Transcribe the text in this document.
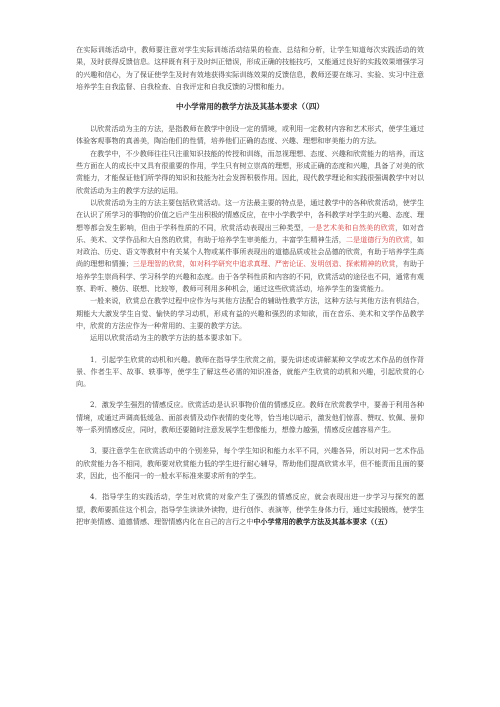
在实际训练活动中，教师要注意对学生实际训练活动结果的检查、总结和分析，让学生知道每次实践活动的效果，及时获得反馈信息。这样既有利于及时纠正错误，形成正确的技能技巧，又能通过良好的实践效果增强学习的兴趣和信心，为了保证使学生及时有效地获得实际训练效果的反馈信息，教师还要在练习、实验、实习中注意培养学生自我监督、自我检查、自我评定和自我反馈的习惯和能力。

中小学常用的教学方法及其基本要求（（四）

以欣赏活动为主的方法，是指教师在教学中创设一定的情境，或利用一定教材内容和艺术形式，使学生通过体验客观事物的真善美，陶冶他们的性情，培养他们正确的态度、兴趣、理想和审美能力的方法。

在教学中，不少教师往往只注重知识技能的传授和训练，而忽视理想、态度、兴趣和欣赏能力的培养，而这些方面在人的成长中又具有很重要的作用，学生只有树立崇高的理想，形成正确的态度和兴趣，具备了对美的欣赏能力，才能保证他们所学得的知识和技能为社会发挥积极作用。因此，现代教学理论和实践很强调教学中对以欣赏活动为主的教学方法的运用。

以欣赏活动为主的方法主要包括欣赏活动。这一方法最主要的特点是，通过教学中的各种欣赏活动，使学生在认识了所学习的事物的价值之后产生出积极的情感反应，在中小学教学中，各科教学对学生的兴趣、态度、理想等都会发生影响，但由于学科性质的不同，欣赏活动表现出三种类型，一是艺术美和自然美的欣赏，如对音乐、美术、文学作品和大自然的欣赏，有助于培养学生审美能力，丰富学生精神生活，二是道德行为的欣赏，如对政治、历史、语文等教材中有关某个人物或某件事所表现出的道德品质或社会品德的欣赏，有助于培养学生高尚的理想和情操；三是理智的欣赏，如对科学研究中追求真理、严密论证、发明创造、探索精神的欣赏，有助于培养学生崇尚科学、学习科学的兴趣和态度。由于各学科性质和内容的不同，欣赏活动的途径也不同，通常有观察、聆听、模仿、联想、比较等，教师可利用多种机会，通过这些欣赏活动，培养学生的鉴赏能力。

一般来说，欣赏总在教学过程中应作为与其他方法配合的辅助性教学方法，这种方法与其他方法有机结合，期能大大激发学生自觉、愉快的学习动机，形成有益的兴趣和强烈的求知欲，而在音乐、美术和文学作品教学中，欣赏的方法应作为一种常用的、主要的教学方法。

运用以欣赏活动为主的教学方法的基本要求如下。

1．引起学生欣赏的动机和兴趣。教师在指导学生欣赏之前，要先讲述或讲解某种文学或艺术作品的创作背景、作者生平、故事、轶事等，使学生了解这些必需的知识准备，就能产生欣赏的动机和兴趣，引起欣赏的心向。

2．激发学生强烈的情感反应。欣赏活动是认识事物价值的情感反应。教师在欣赏教学中，要善于利用各种情境，或通过声调高低缓急、面部表情及动作表情的变化等，恰当地以暗示，激发他们惊喜、赞叹、钦佩、景仰等一系列情感反应，同时，教师还要随时注意发展学生想像能力，想像力越强，情感反应越容易产生。

3．要注意学生在欣赏活动中的个别差异，每个学生知识和能力水平不同，兴趣各异，所以对同一艺术作品的欣赏能力各不相同，教师要对欣赏能力低的学生进行耐心辅导，帮助他们提高欣赏水平，但不能责而且面的要求，因此，也不能同一的一般水平标准来要求所有的学生。

4．指导学生的实践活动，学生对欣赏的对象产生了强烈的情感反应，就会表现出进一步学习与探究的愿望，教师要抓住这个机会，指导学生读读外读物，进行创作、表演等，使学生身体力行，通过实践锻炼，使学生把审美情感、道德情感、理智情感内化在自己的言行之中中小学常用的教学方法及其基本要求（（五）
